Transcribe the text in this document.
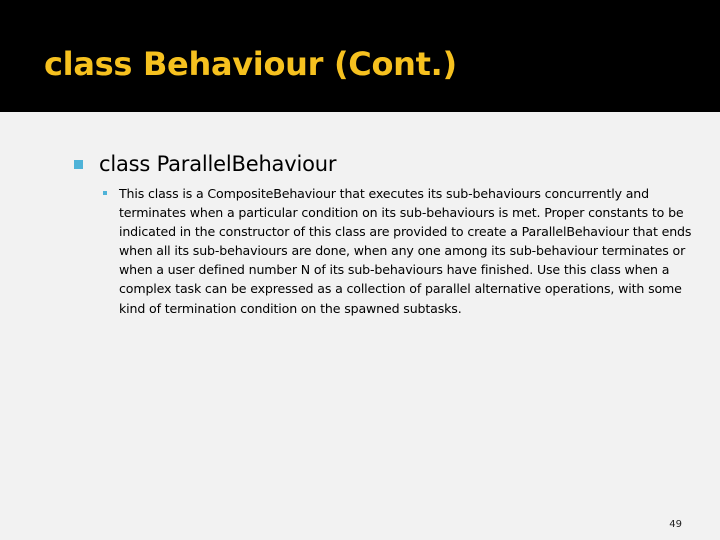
class Behaviour (Cont.)
class ParallelBehaviour

This class is a CompositeBehaviour that executes its sub-behaviours concurrently and terminates when a particular condition on its sub-behaviours is met. Proper constants to be indicated in the constructor of this class are provided to create a ParallelBehaviour that ends when all its sub-behaviours are done, when any one among its sub-behaviour terminates or when a user defined number N of its sub-behaviours have finished. Use this class when a complex task can be expressed as a collection of parallel alternative operations, with some kind of termination condition on the spawned subtasks.

49
